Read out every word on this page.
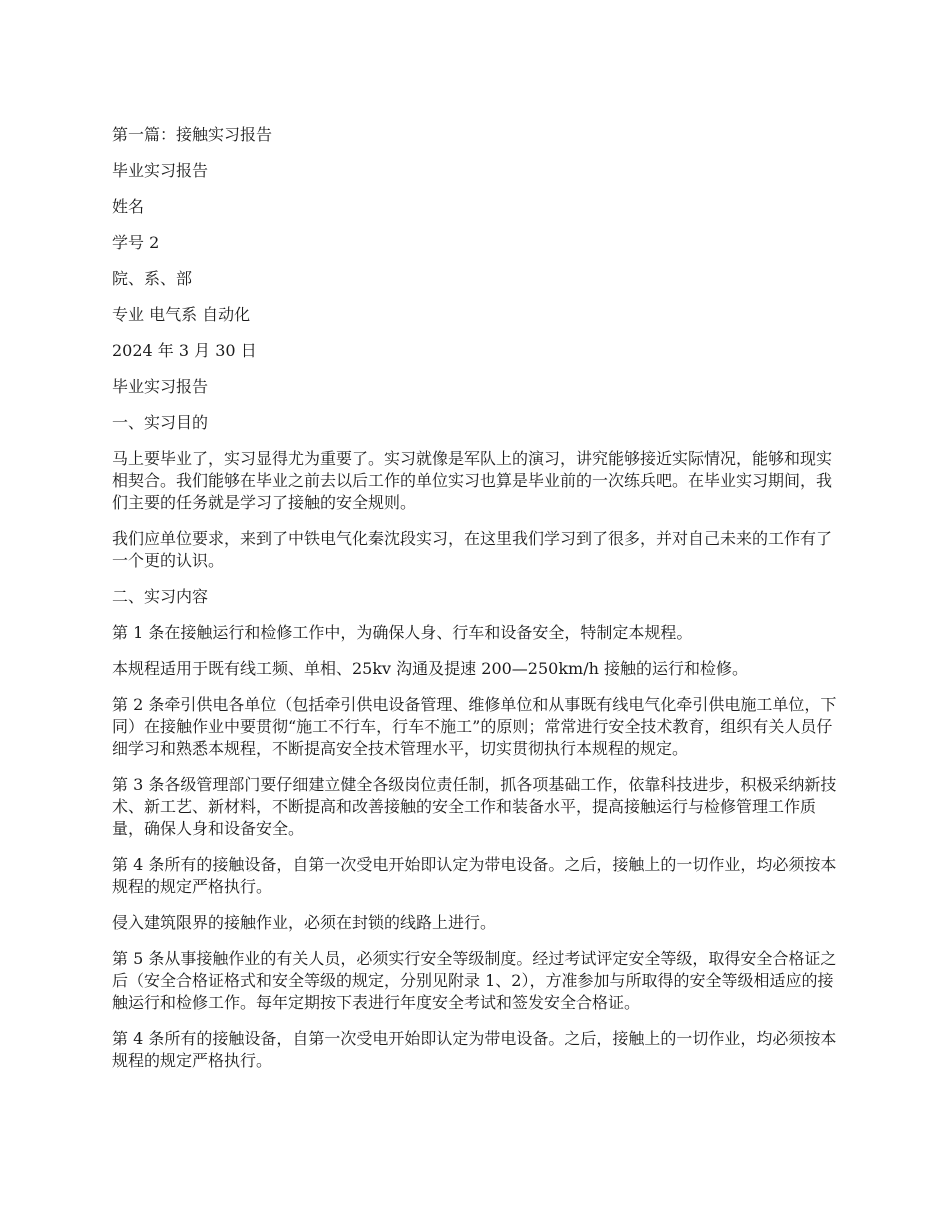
第一篇：接触实习报告

毕业实习报告

姓名

学号 2

院、系、部

专业 电气系 自动化

2024 年 3 月 30 日

毕业实习报告

一、实习目的

马上要毕业了，实习显得尤为重要了。实习就像是军队上的演习，讲究能够接近实际情况，能够和现实相契合。我们能够在毕业之前去以后工作的单位实习也算是毕业前的一次练兵吧。在毕业实习期间，我们主要的任务就是学习了接触的安全规则。

我们应单位要求，来到了中铁电气化秦沈段实习，在这里我们学习到了很多，并对自己未来的工作有了一个更的认识。

二、实习内容

第 1 条在接触运行和检修工作中，为确保人身、行车和设备安全，特制定本规程。

本规程适用于既有线工频、单相、25kv 沟通及提速 200—250km/h 接触的运行和检修。

第 2 条牵引供电各单位（包括牵引供电设备管理、维修单位和从事既有线电气化牵引供电施工单位，下同）在接触作业中要贯彻“施工不行车，行车不施工”的原则；常常进行安全技术教育，组织有关人员仔细学习和熟悉本规程，不断提高安全技术管理水平，切实贯彻执行本规程的规定。

第 3 条各级管理部门要仔细建立健全各级岗位责任制，抓各项基础工作，依靠科技进步，积极采纳新技术、新工艺、新材料，不断提高和改善接触的安全工作和装备水平，提高接触运行与检修管理工作质量，确保人身和设备安全。

第 4 条所有的接触设备，自第一次受电开始即认定为带电设备。之后，接触上的一切作业，均必须按本规程的规定严格执行。

侵入建筑限界的接触作业，必须在封锁的线路上进行。

第 5 条从事接触作业的有关人员，必须实行安全等级制度。经过考试评定安全等级，取得安全合格证之后（安全合格证格式和安全等级的规定，分别见附录 1、2），方准参加与所取得的安全等级相适应的接触运行和检修工作。每年定期按下表进行年度安全考试和签发安全合格证。

第 4 条所有的接触设备，自第一次受电开始即认定为带电设备。之后，接触上的一切作业，均必须按本规程的规定严格执行。
